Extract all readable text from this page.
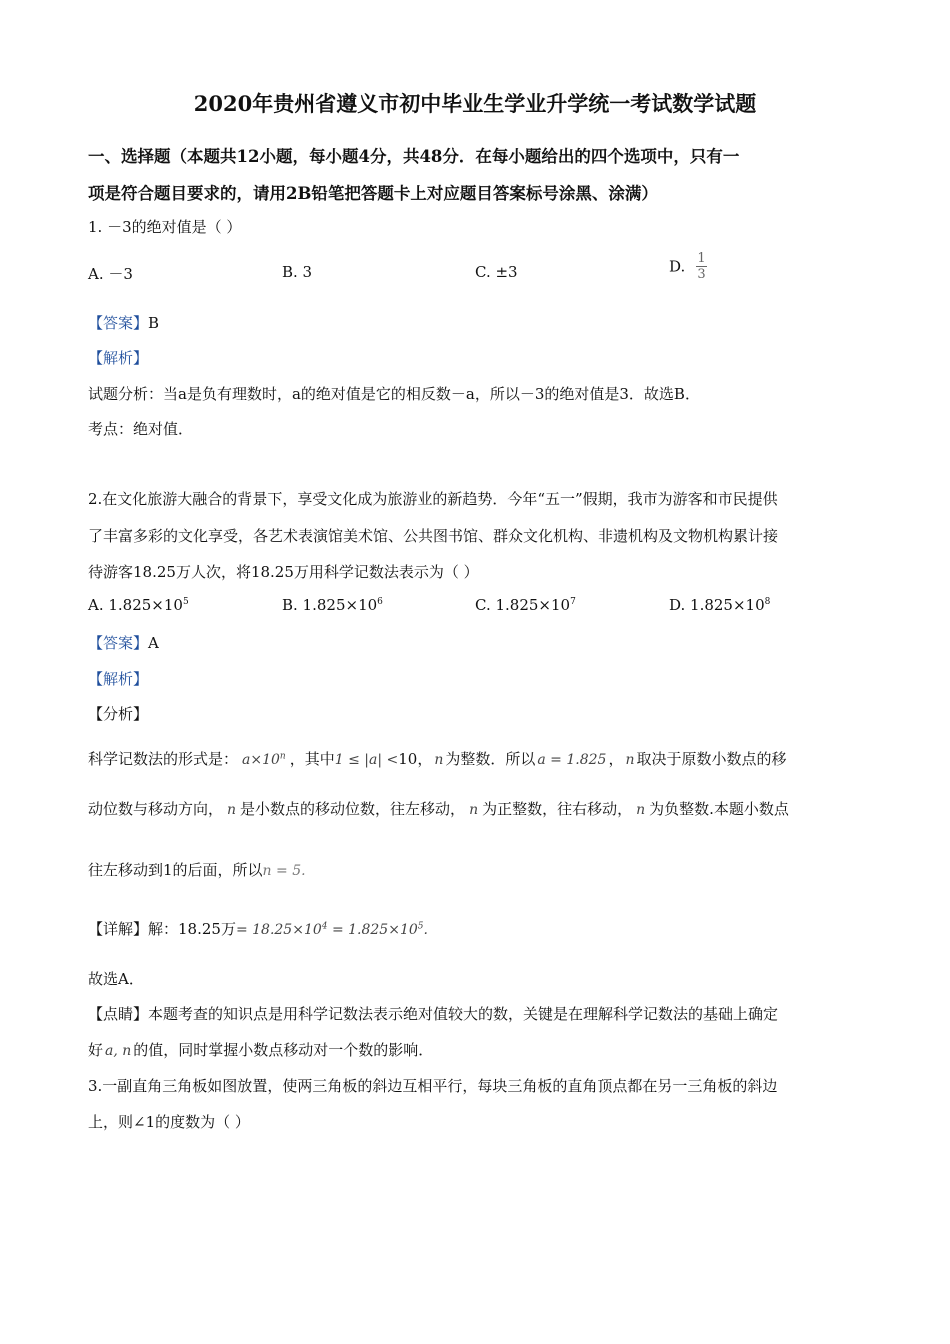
2020年贵州省遵义市初中毕业生学业升学统一考试数学试题
一、选择题（本题共12小题，每小题4分，共48分．在每小题给出的四个选项中，只有一
项是符合题目要求的，请用2B铅笔把答题卡上对应题目答案标号涂黑、涂满）
1. －3的绝对值是（ ）
A. －3	B. 3	C. ±3	D. $\frac{1}{3}$
【答案】B
【解析】
试题分析：当a是负有理数时，a的绝对值是它的相反数－a，所以－3的绝对值是3．故选B．
考点：绝对值．
2.在文化旅游大融合的背景下，享受文化成为旅游业的新趋势．今年“五一”假期，我市为游客和市民提供
了丰富多彩的文化享受，各艺术表演馆美术馆、公共图书馆、群众文化机构、非遗机构及文物机构累计接
待游客18.25万人次，将18.25万用科学记数法表示为（ ）
A. $1.825\times 10^5$	B. $1.825\times 10^6$	C. $1.825\times 10^7$	D. $1.825\times 10^8$
【答案】A
【解析】
【分析】
科学记数法的形式是： $a\times 10^n$ ，其中1 ≤ |a| <10， n 为整数．所以 a = 1.825 ， n 取决于原数小数点的移
动位数与移动方向， n 是小数点的移动位数，往左移动， n 为正整数，往右移动， n 为负整数.本题小数点
往左移动到1的后面，所以n = 5.
【详解】解：18.25万= $18.25\times 10^4 = 1.825\times 10^5$.
故选A．
【点睛】本题考查的知识点是用科学记数法表示绝对值较大的数，关键是在理解科学记数法的基础上确定
好 a, n 的值，同时掌握小数点移动对一个数的影响．
3.一副直角三角板如图放置，使两三角板的斜边互相平行，每块三角板的直角顶点都在另一三角板的斜边
上，则∠1的度数为（ ）
